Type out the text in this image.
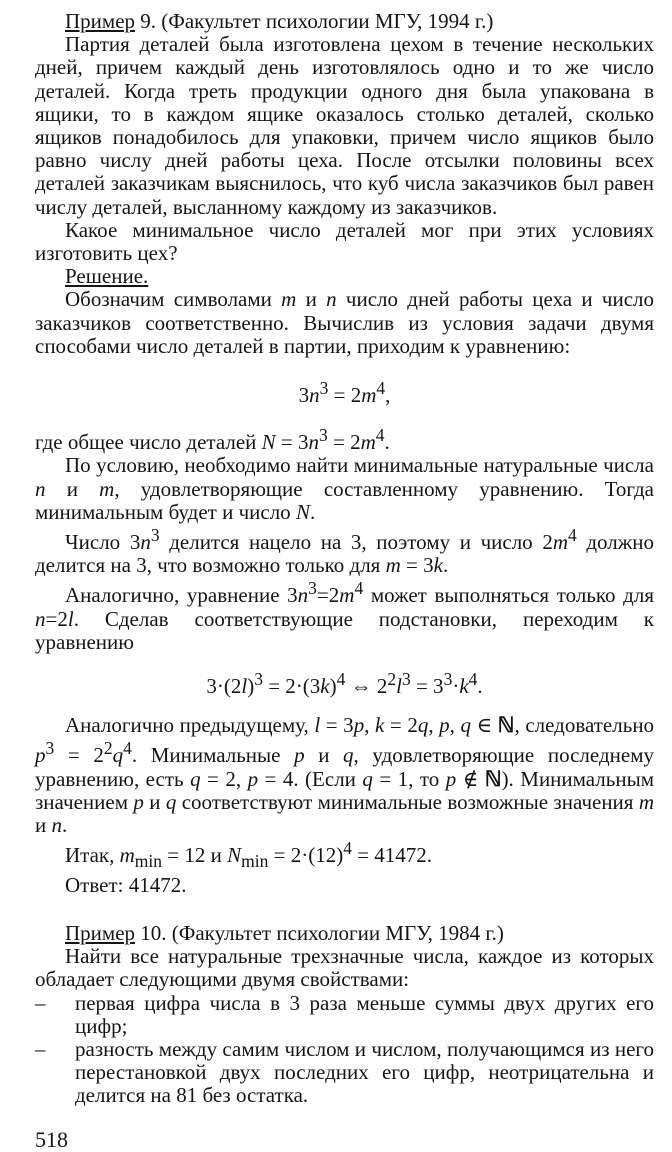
Пример 9. (Факультет психологии МГУ, 1994 г.)

Партия деталей была изготовлена цехом в течение нескольких дней, причем каждый день изготовлялось одно и то же число деталей. Когда треть продукции одного дня была упакована в ящики, то в каждом ящике оказалось столько деталей, сколько ящиков понадобилось для упаковки, причем число ящиков было равно числу дней работы цеха. После отсылки половины всех деталей заказчикам выяснилось, что куб числа заказчиков был равен числу деталей, высланному каждому из заказчиков.

Какое минимальное число деталей мог при этих условиях изготовить цех?

Решение.

Обозначим символами m и n число дней работы цеха и число заказчиков соответственно. Вычислив из условия задачи двумя способами число деталей в партии, приходим к уравнению:

$3n^3 = 2m^4$,

где общее число деталей $N = 3n^3 = 2m^4$.

По условию, необходимо найти минимальные натуральные числа n и m, удовлетворяющие составленному уравнению. Тогда минимальным будет и число N.

Число $3n^3$ делится нацело на 3, поэтому и число $2m^4$ должно делится на 3, что возможно только для m = 3k.

Аналогично, уравнение $3n^3=2m^4$ может выполняться только для n=2l. Сделав соответствующие подстановки, переходим к уравнению

$3\cdot(2l)^3 = 2\cdot(3k)^4$ ⇔ $2^2l^3 = 3^3\cdot k^4$.

Аналогично предыдущему, l = 3p, k = 2q, p, q ∈ ℕ, следовательно $p^3 = 2^2q^4$. Минимальные p и q, удовлетворяющие последнему уравнению, есть q = 2, p = 4. (Если q = 1, то p ∉ ℕ). Минимальным значением p и q соответствуют минимальные возможные значения m и n.

Итак, $m_{min} = 12$ и $N_{min} = 2\cdot(12)^4 = 41472$.

Ответ: 41472.

Пример 10. (Факультет психологии МГУ, 1984 г.)

Найти все натуральные трехзначные числа, каждое из которых обладает следующими двумя свойствами:

–	первая цифра числа в 3 раза меньше суммы двух других его цифр;
–	разность между самим числом и числом, получающимся из него перестановкой двух последних его цифр, неотрицательна и делится на 81 без остатка.

518
